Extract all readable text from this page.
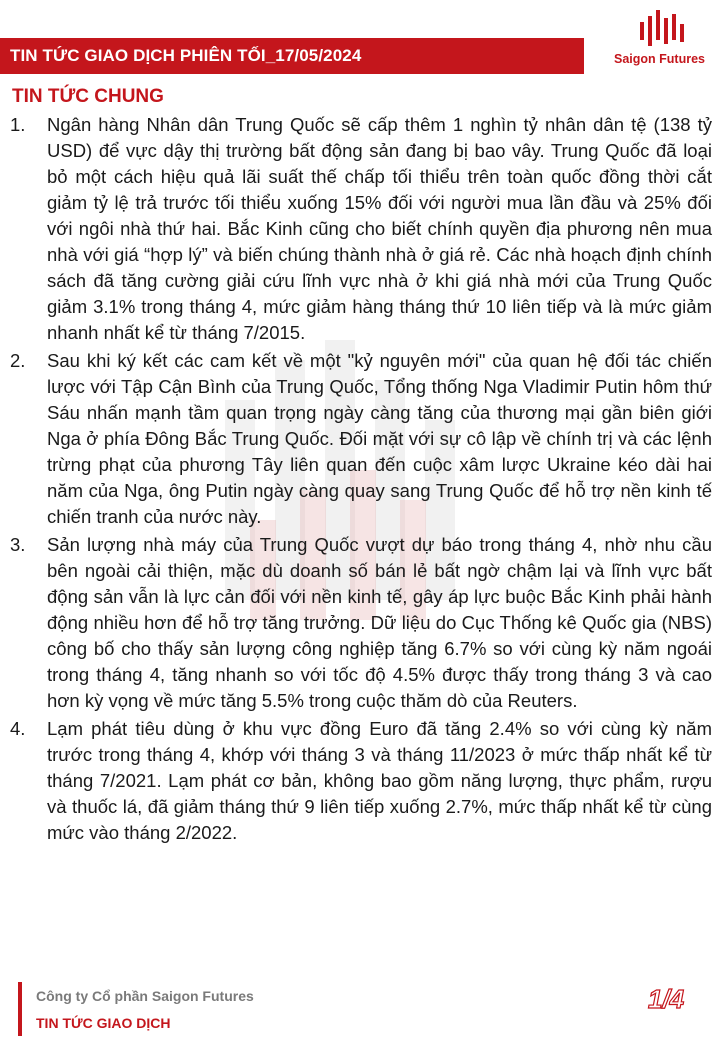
TIN TỨC GIAO DỊCH PHIÊN TỐI_17/05/2024	Saigon Futures
TIN TỨC CHUNG
1. Ngân hàng Nhân dân Trung Quốc sẽ cấp thêm 1 nghìn tỷ nhân dân tệ (138 tỷ USD) để vực dậy thị trường bất động sản đang bị bao vây. Trung Quốc đã loại bỏ một cách hiệu quả lãi suất thế chấp tối thiểu trên toàn quốc đồng thời cắt giảm tỷ lệ trả trước tối thiểu xuống 15% đối với người mua lần đầu và 25% đối với ngôi nhà thứ hai. Bắc Kinh cũng cho biết chính quyền địa phương nên mua nhà với giá “hợp lý” và biến chúng thành nhà ở giá rẻ. Các nhà hoạch định chính sách đã tăng cường giải cứu lĩnh vực nhà ở khi giá nhà mới của Trung Quốc giảm 3.1% trong tháng 4, mức giảm hàng tháng thứ 10 liên tiếp và là mức giảm nhanh nhất kể từ tháng 7/2015.
2. Sau khi ký kết các cam kết về một "kỷ nguyên mới" của quan hệ đối tác chiến lược với Tập Cận Bình của Trung Quốc, Tổng thống Nga Vladimir Putin hôm thứ Sáu nhấn mạnh tầm quan trọng ngày càng tăng của thương mại gần biên giới Nga ở phía Đông Bắc Trung Quốc. Đối mặt với sự cô lập về chính trị và các lệnh trừng phạt của phương Tây liên quan đến cuộc xâm lược Ukraine kéo dài hai năm của Nga, ông Putin ngày càng quay sang Trung Quốc để hỗ trợ nền kinh tế chiến tranh của nước này.
3. Sản lượng nhà máy của Trung Quốc vượt dự báo trong tháng 4, nhờ nhu cầu bên ngoài cải thiện, mặc dù doanh số bán lẻ bất ngờ chậm lại và lĩnh vực bất động sản vẫn là lực cản đối với nền kinh tế, gây áp lực buộc Bắc Kinh phải hành động nhiều hơn để hỗ trợ tăng trưởng. Dữ liệu do Cục Thống kê Quốc gia (NBS) công bố cho thấy sản lượng công nghiệp tăng 6.7% so với cùng kỳ năm ngoái trong tháng 4, tăng nhanh so với tốc độ 4.5% được thấy trong tháng 3 và cao hơn kỳ vọng về mức tăng 5.5% trong cuộc thăm dò của Reuters.
4. Lạm phát tiêu dùng ở khu vực đồng Euro đã tăng 2.4% so với cùng kỳ năm trước trong tháng 4, khớp với tháng 3 và tháng 11/2023 ở mức thấp nhất kể từ tháng 7/2021. Lạm phát cơ bản, không bao gồm năng lượng, thực phẩm, rượu và thuốc lá, đã giảm tháng thứ 9 liên tiếp xuống 2.7%, mức thấp nhất kể từ cùng mức vào tháng 2/2022.
Công ty Cổ phần Saigon Futures
TIN TỨC GIAO DỊCH
1/4
